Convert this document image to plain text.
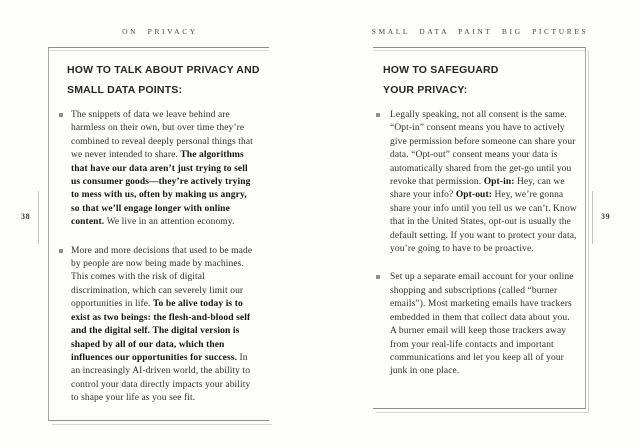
ON PRIVACY
38
HOW TO TALK ABOUT PRIVACY AND
SMALL DATA POINTS:
The snippets of data we leave behind are harmless on their own, but over time they’re combined to reveal deeply personal things that we never intended to share. The algorithms that have our data aren’t just trying to sell us consumer goods—they’re actively trying to mess with us, often by making us angry, so that we’ll engage longer with online content. We live in an attention economy.
More and more decisions that used to be made by people are now being made by machines. This comes with the risk of digital discrimination, which can severely limit our opportunities in life. To be alive today is to exist as two beings: the flesh-and-blood self and the digital self. The digital version is shaped by all of our data, which then influences our opportunities for success. In an increasingly AI-driven world, the ability to control your data directly impacts your ability to shape your life as you see fit.
SMALL DATA PAINT BIG PICTURES
39
HOW TO SAFEGUARD
YOUR PRIVACY:
Legally speaking, not all consent is the same. “Opt-in” consent means you have to actively give permission before someone can share your data. “Opt-out” consent means your data is automatically shared from the get-go until you revoke that permission. Opt-in: Hey, can we share your info? Opt-out: Hey, we’re gonna share your info until you tell us we can’t. Know that in the United States, opt-out is usually the default setting. If you want to protect your data, you’re going to have to be proactive.
Set up a separate email account for your online shopping and subscriptions (called “burner emails”). Most marketing emails have trackers embedded in them that collect data about you. A burner email will keep those trackers away from your real-life contacts and important communications and let you keep all of your junk in one place.
